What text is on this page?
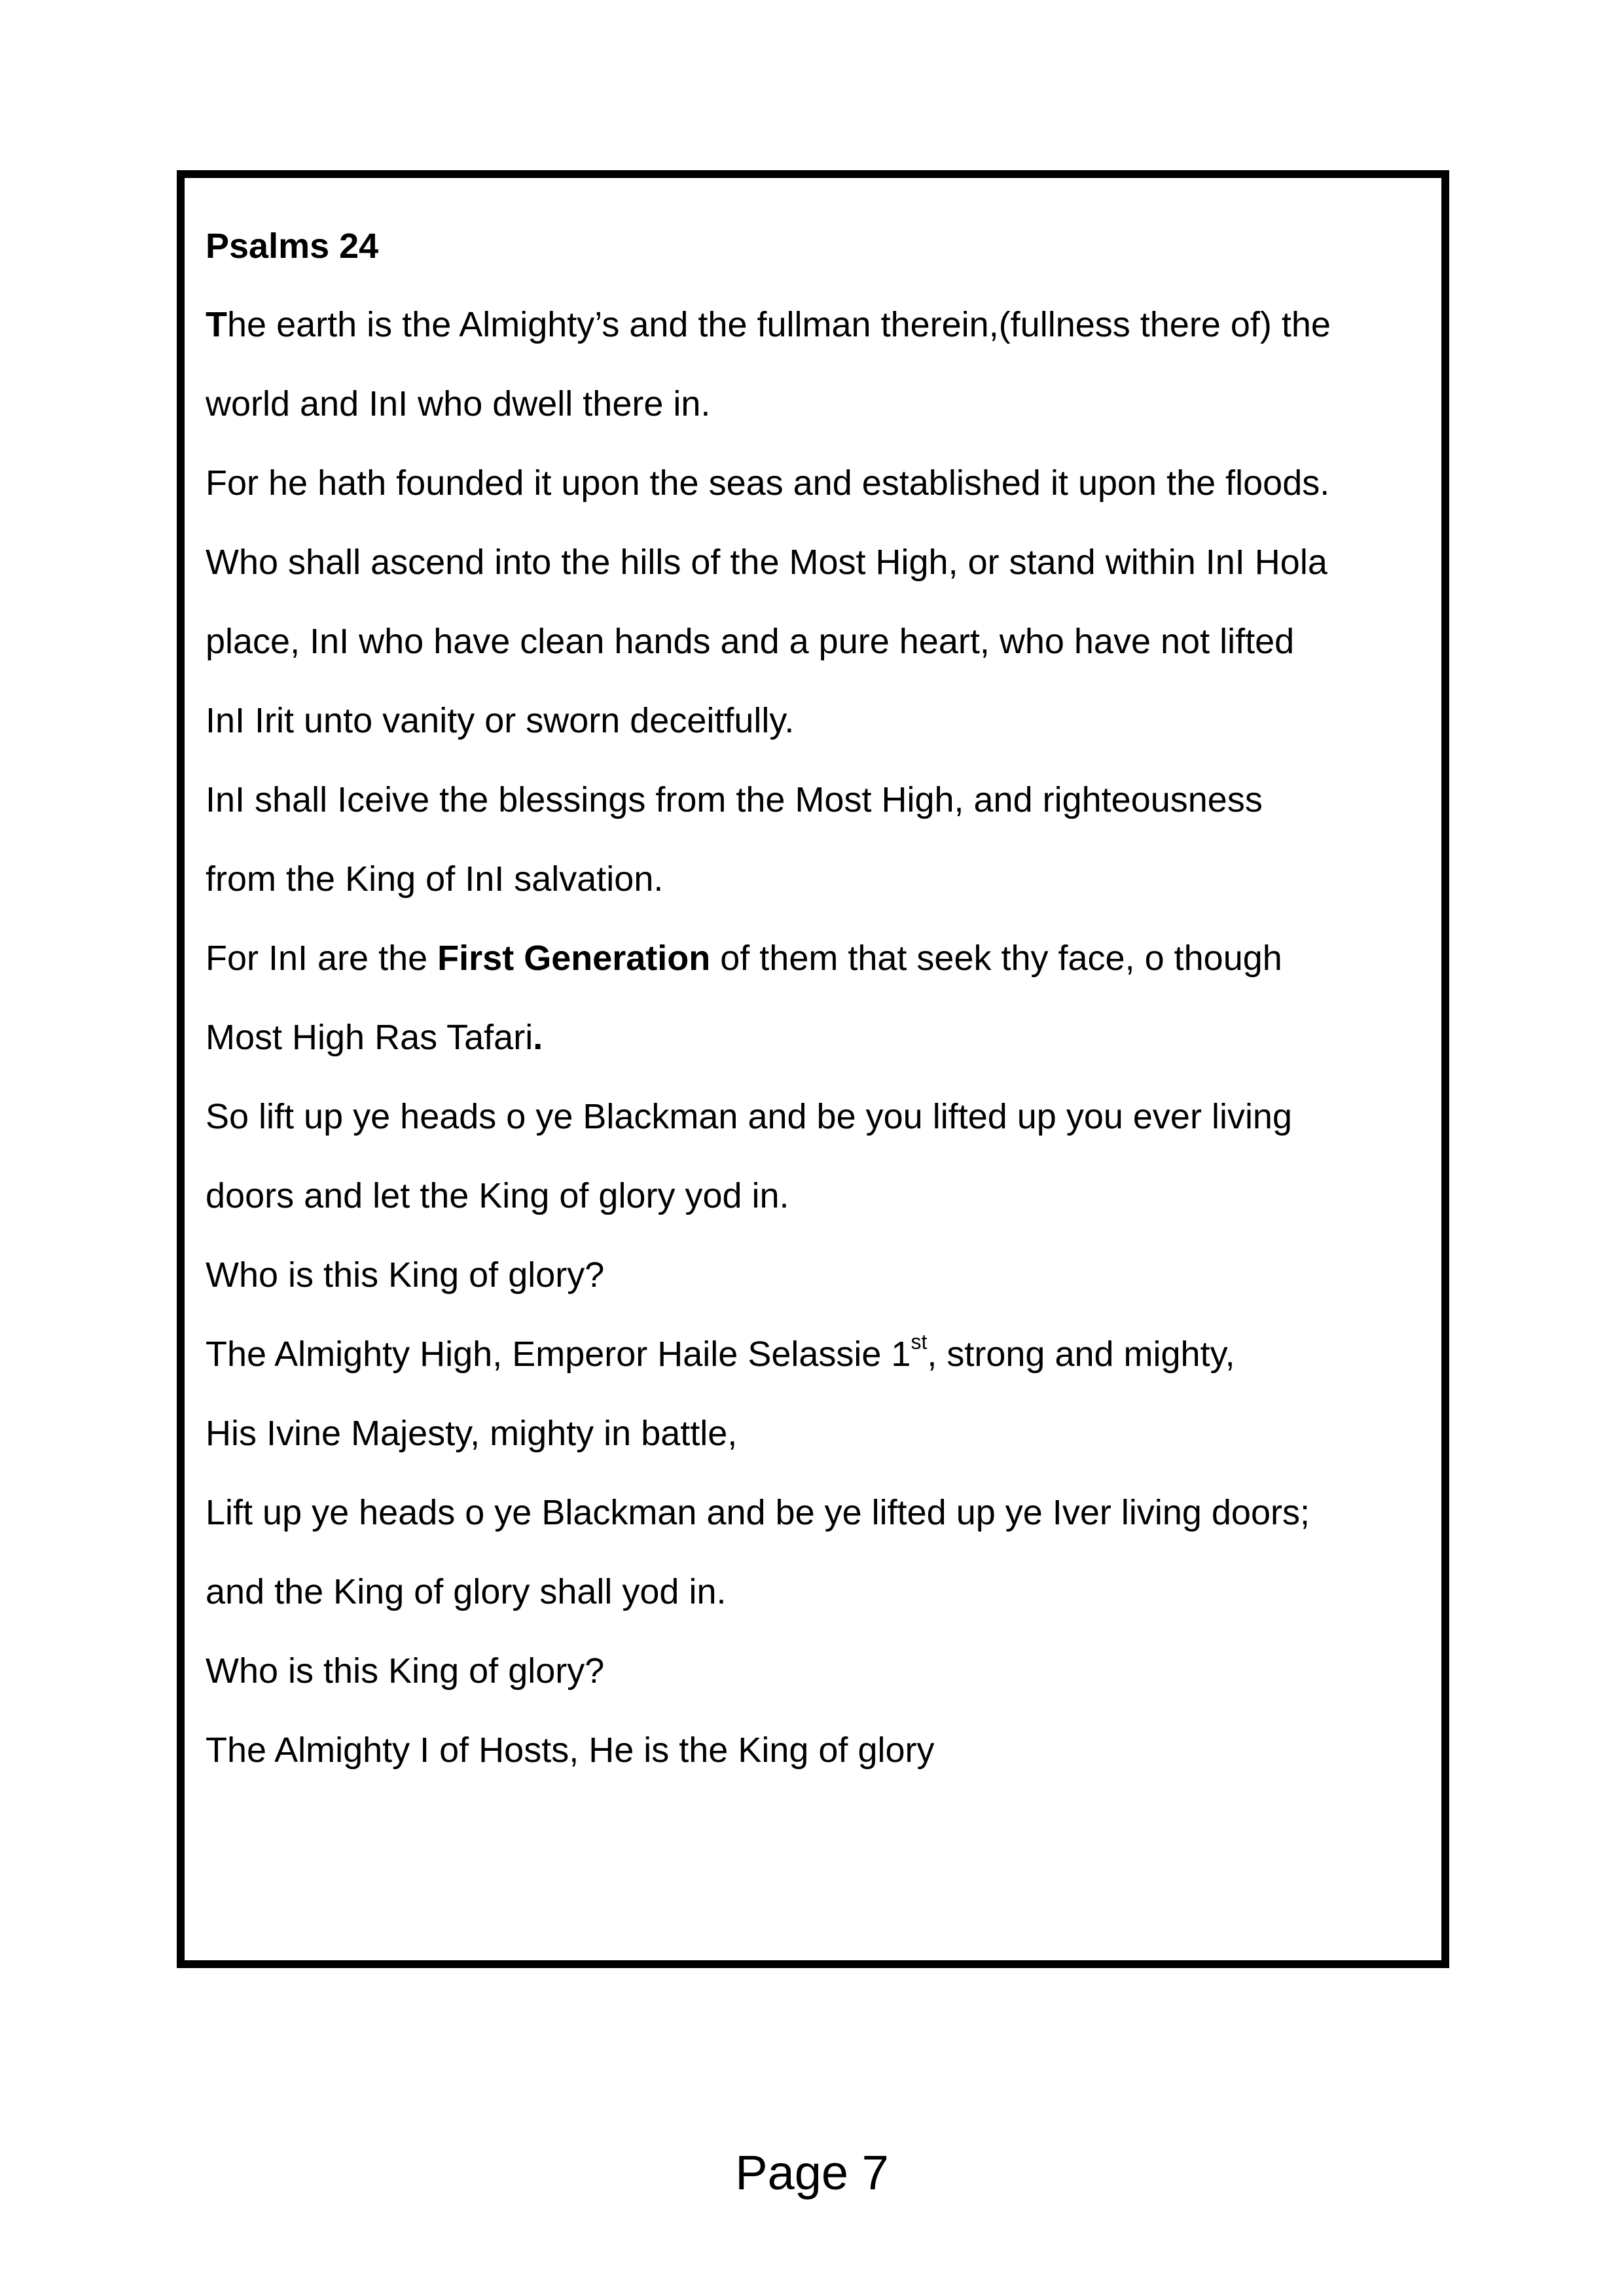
Psalms 24

The earth is the Almighty’s and the fullman therein,(fullness there of) the

world and InI who dwell there in.

For he hath founded it upon the seas and established it upon the floods.

Who shall ascend into the hills of the Most High, or stand within InI Hola

place, InI who have clean hands and a pure heart, who have not lifted

InI Irit unto vanity or sworn deceitfully.

InI shall Iceive the blessings from the Most High, and righteousness

from the King of InI salvation.

For InI are the First Generation of them that seek thy face, o though

Most High Ras Tafari.

So lift up ye heads o ye Blackman and be you lifted up you ever living

doors and let the King of glory yod in.

Who is this King of glory?

The Almighty High, Emperor Haile Selassie 1st, strong and mighty,

His Ivine Majesty, mighty in battle,

Lift up ye heads o ye Blackman and be ye lifted up ye Iver living doors;

and the King of glory shall yod in.

Who is this King of glory?

The Almighty I of Hosts, He is the King of glory

Page 7
